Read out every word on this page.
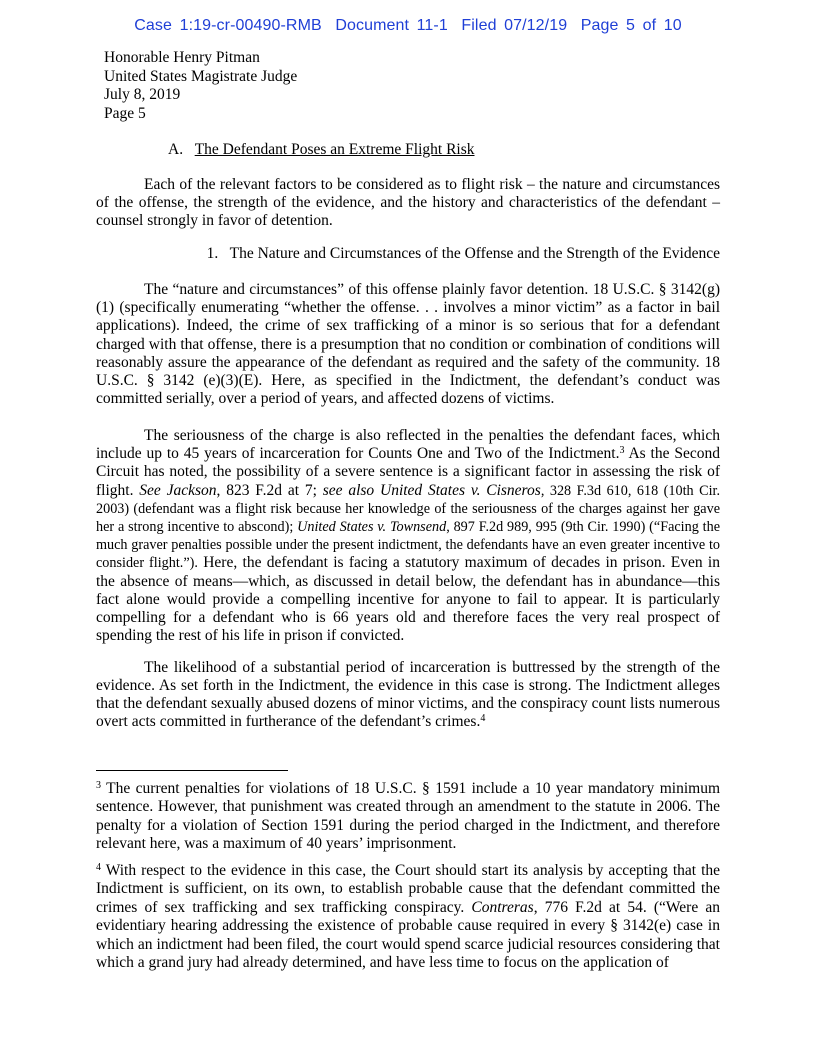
Case 1:19-cr-00490-RMB Document 11-1 Filed 07/12/19 Page 5 of 10
Honorable Henry Pitman
United States Magistrate Judge
July 8, 2019
Page 5
A. The Defendant Poses an Extreme Flight Risk
Each of the relevant factors to be considered as to flight risk – the nature and circumstances of the offense, the strength of the evidence, and the history and characteristics of the defendant – counsel strongly in favor of detention.
1.   The Nature and Circumstances of the Offense and the Strength of the Evidence
The “nature and circumstances” of this offense plainly favor detention. 18 U.S.C. § 3142(g)(1) (specifically enumerating “whether the offense. . . involves a minor victim” as a factor in bail applications). Indeed, the crime of sex trafficking of a minor is so serious that for a defendant charged with that offense, there is a presumption that no condition or combination of conditions will reasonably assure the appearance of the defendant as required and the safety of the community. 18 U.S.C. § 3142 (e)(3)(E). Here, as specified in the Indictment, the defendant’s conduct was committed serially, over a period of years, and affected dozens of victims.
The seriousness of the charge is also reflected in the penalties the defendant faces, which include up to 45 years of incarceration for Counts One and Two of the Indictment.$^3$ As the Second Circuit has noted, the possibility of a severe sentence is a significant factor in assessing the risk of flight. See Jackson, 823 F.2d at 7; see also United States v. Cisneros, 328 F.3d 610, 618 (10th Cir. 2003) (defendant was a flight risk because her knowledge of the seriousness of the charges against her gave her a strong incentive to abscond); United States v. Townsend, 897 F.2d 989, 995 (9th Cir. 1990) (“Facing the much graver penalties possible under the present indictment, the defendants have an even greater incentive to consider flight.”). Here, the defendant is facing a statutory maximum of decades in prison. Even in the absence of means—which, as discussed in detail below, the defendant has in abundance—this fact alone would provide a compelling incentive for anyone to fail to appear. It is particularly compelling for a defendant who is 66 years old and therefore faces the very real prospect of spending the rest of his life in prison if convicted.
The likelihood of a substantial period of incarceration is buttressed by the strength of the evidence. As set forth in the Indictment, the evidence in this case is strong. The Indictment alleges that the defendant sexually abused dozens of minor victims, and the conspiracy count lists numerous overt acts committed in furtherance of the defendant’s crimes.$^4$
$^3$ The current penalties for violations of 18 U.S.C. § 1591 include a 10 year mandatory minimum sentence. However, that punishment was created through an amendment to the statute in 2006. The penalty for a violation of Section 1591 during the period charged in the Indictment, and therefore relevant here, was a maximum of 40 years’ imprisonment.
$^4$ With respect to the evidence in this case, the Court should start its analysis by accepting that the Indictment is sufficient, on its own, to establish probable cause that the defendant committed the crimes of sex trafficking and sex trafficking conspiracy. Contreras, 776 F.2d at 54. (“Were an evidentiary hearing addressing the existence of probable cause required in every § 3142(e) case in which an indictment had been filed, the court would spend scarce judicial resources considering that which a grand jury had already determined, and have less time to focus on the application of
